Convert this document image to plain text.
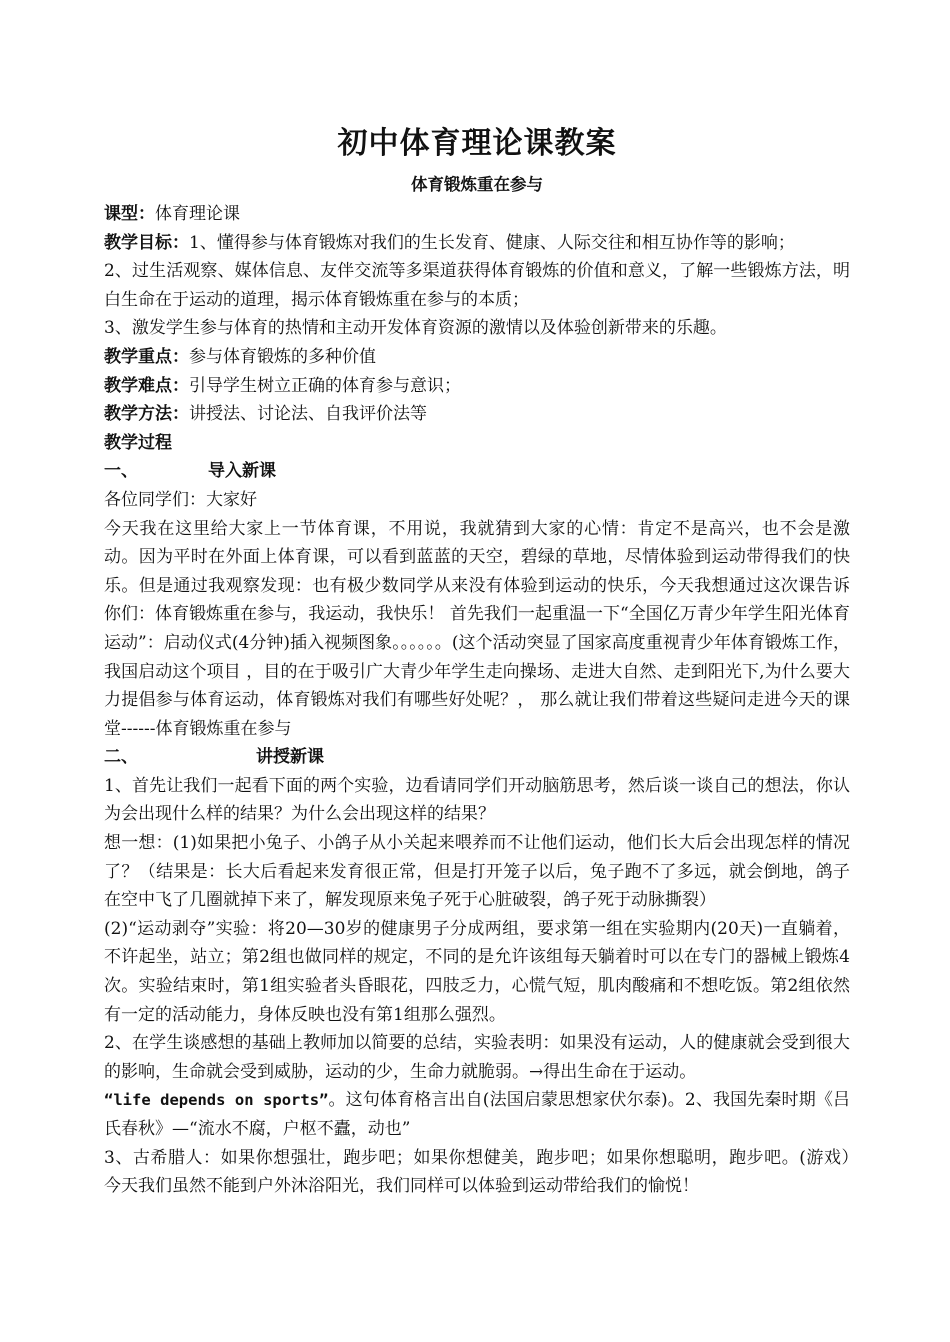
初中体育理论课教案

体育锻炼重在参与

课型：体育理论课

教学目标：1、懂得参与体育锻炼对我们的生长发育、健康、人际交往和相互协作等的影响；

2、过生活观察、媒体信息、友伴交流等多渠道获得体育锻炼的价值和意义，了解一些锻炼方法，明白生命在于运动的道理，揭示体育锻炼重在参与的本质；

3、激发学生参与体育的热情和主动开发体育资源的激情以及体验创新带来的乐趣。

教学重点：参与体育锻炼的多种价值

教学难点：引导学生树立正确的体育参与意识；

教学方法：讲授法、讨论法、自我评价法等

教学过程

一、	导入新课

各位同学们：大家好

今天我在这里给大家上一节体育课，不用说，我就猜到大家的心情：肯定不是高兴，也不会是激动。因为平时在外面上体育课，可以看到蓝蓝的天空，碧绿的草地，尽情体验到运动带得我们的快乐。但是通过我观察发现：也有极少数同学从来没有体验到运动的快乐，今天我想通过这次课告诉你们：体育锻炼重在参与，我运动，我快乐！ 首先我们一起重温一下“全国亿万青少年学生阳光体育运动”：启动仪式(4分钟)插入视频图象。。。。。。(这个活动突显了国家高度重视青少年体育锻炼工作，我国启动这个项目 ，目的在于吸引广大青少年学生走向操场、走进大自然、走到阳光下,为什么要大力提倡参与体育运动，体育锻炼对我们有哪些好处呢？， 那么就让我们带着这些疑问走进今天的课堂------体育锻炼重在参与

二、	讲授新课

1、首先让我们一起看下面的两个实验，边看请同学们开动脑筋思考，然后谈一谈自己的想法，你认为会出现什么样的结果？为什么会出现这样的结果？

想一想：(1)如果把小兔子、小鸽子从小关起来喂养而不让他们运动，他们长大后会出现怎样的情况了？（结果是：长大后看起来发育很正常，但是打开笼子以后，兔子跑不了多远，就会倒地，鸽子在空中飞了几圈就掉下来了，解发现原来兔子死于心脏破裂，鸽子死于动脉撕裂）

(2)“运动剥夺”实验：将20—30岁的健康男子分成两组，要求第一组在实验期内(20天)一直躺着，不许起坐，站立；第2组也做同样的规定，不同的是允许该组每天躺着时可以在专门的器械上锻炼4次。实验结束时，第1组实验者头昏眼花，四肢乏力，心慌气短，肌肉酸痛和不想吃饭。第2组依然有一定的活动能力，身体反映也没有第1组那么强烈。

2、在学生谈感想的基础上教师加以简要的总结，实验表明：如果没有运动，人的健康就会受到很大的影响，生命就会受到威胁，运动的少，生命力就脆弱。→得出生命在于运动。

“life depends on sports”。这句体育格言出自(法国启蒙思想家伏尔泰)。2、我国先秦时期《吕氏春秋》—“流水不腐，户枢不蠹，动也”

3、古希腊人：如果你想强壮，跑步吧；如果你想健美，跑步吧；如果你想聪明，跑步吧。(游戏）　　今天我们虽然不能到户外沐浴阳光，我们同样可以体验到运动带给我们的愉悦！
